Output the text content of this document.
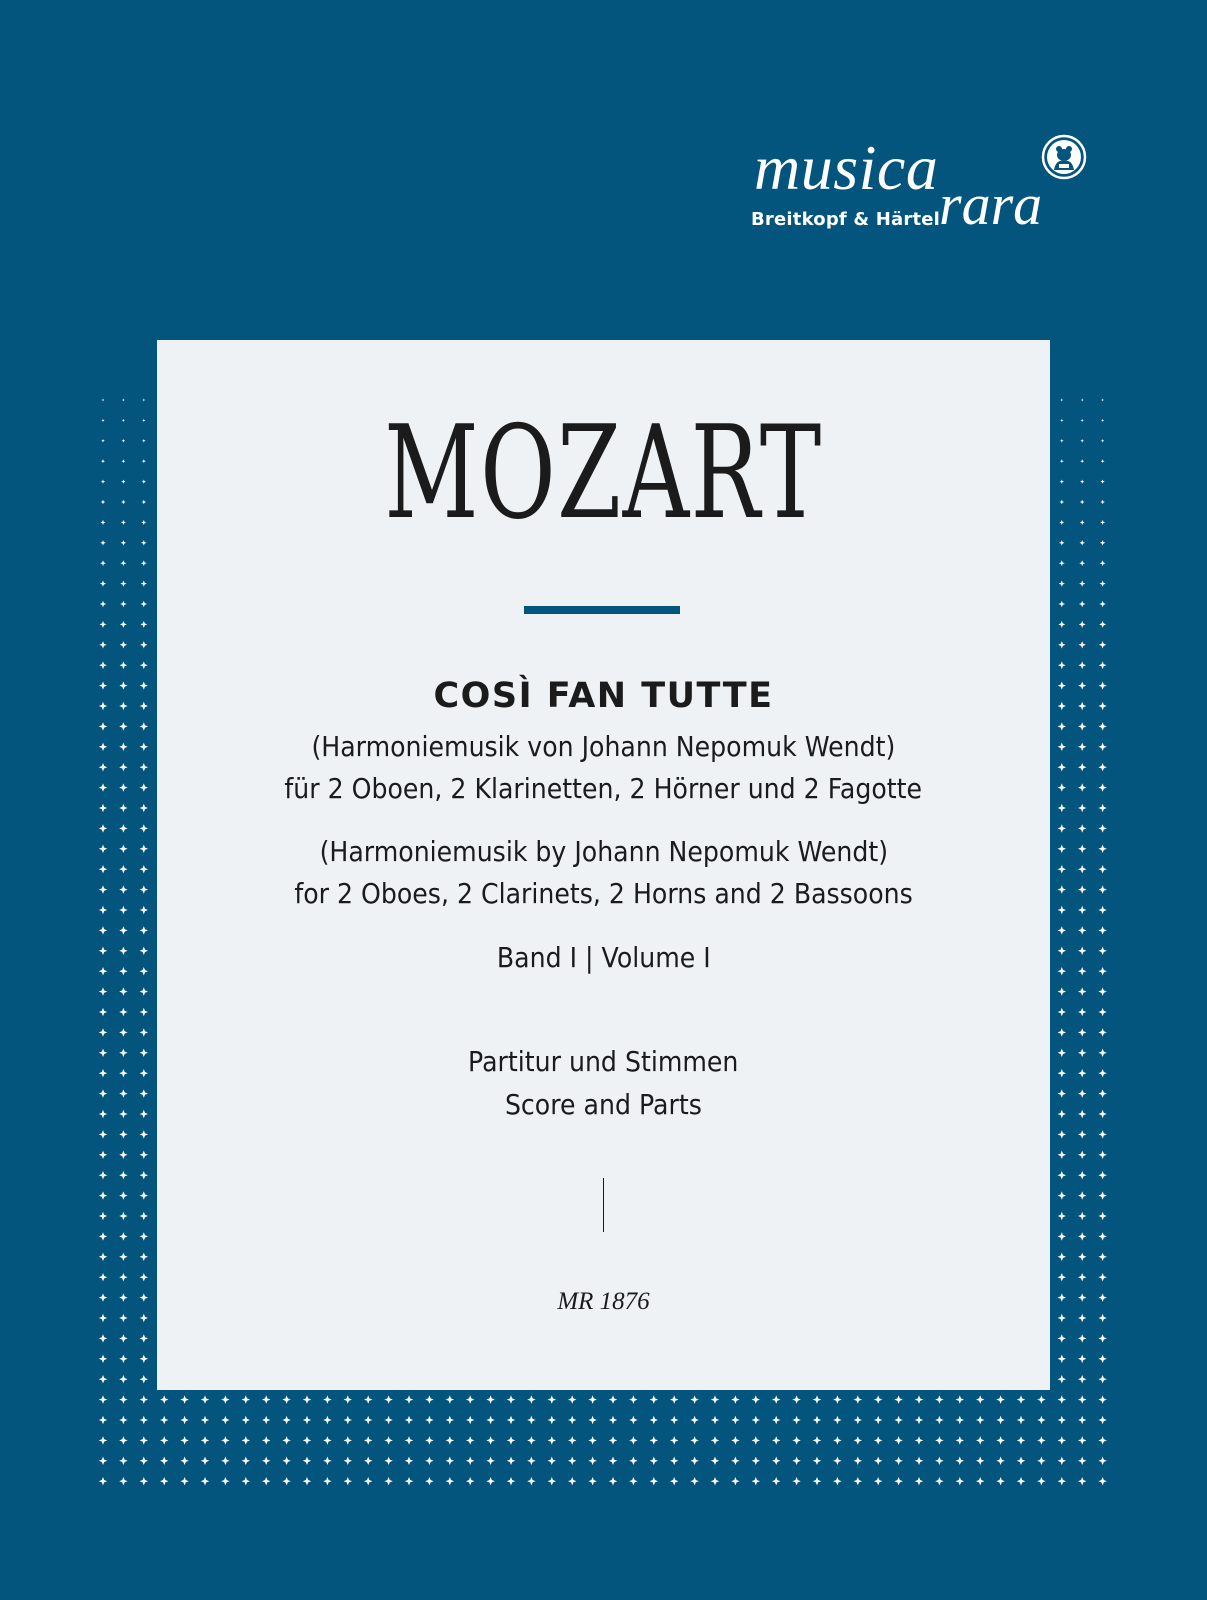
musica
rara
Breitkopf & Härtel
MOZART
COSÌ FAN TUTTE
(Harmoniemusik von Johann Nepomuk Wendt)
für 2 Oboen, 2 Klarinetten, 2 Hörner und 2 Fagotte
(Harmoniemusik by Johann Nepomuk Wendt)
for 2 Oboes, 2 Clarinets, 2 Horns and 2 Bassoons
Band I | Volume I
Partitur und Stimmen
Score and Parts
MR 1876
